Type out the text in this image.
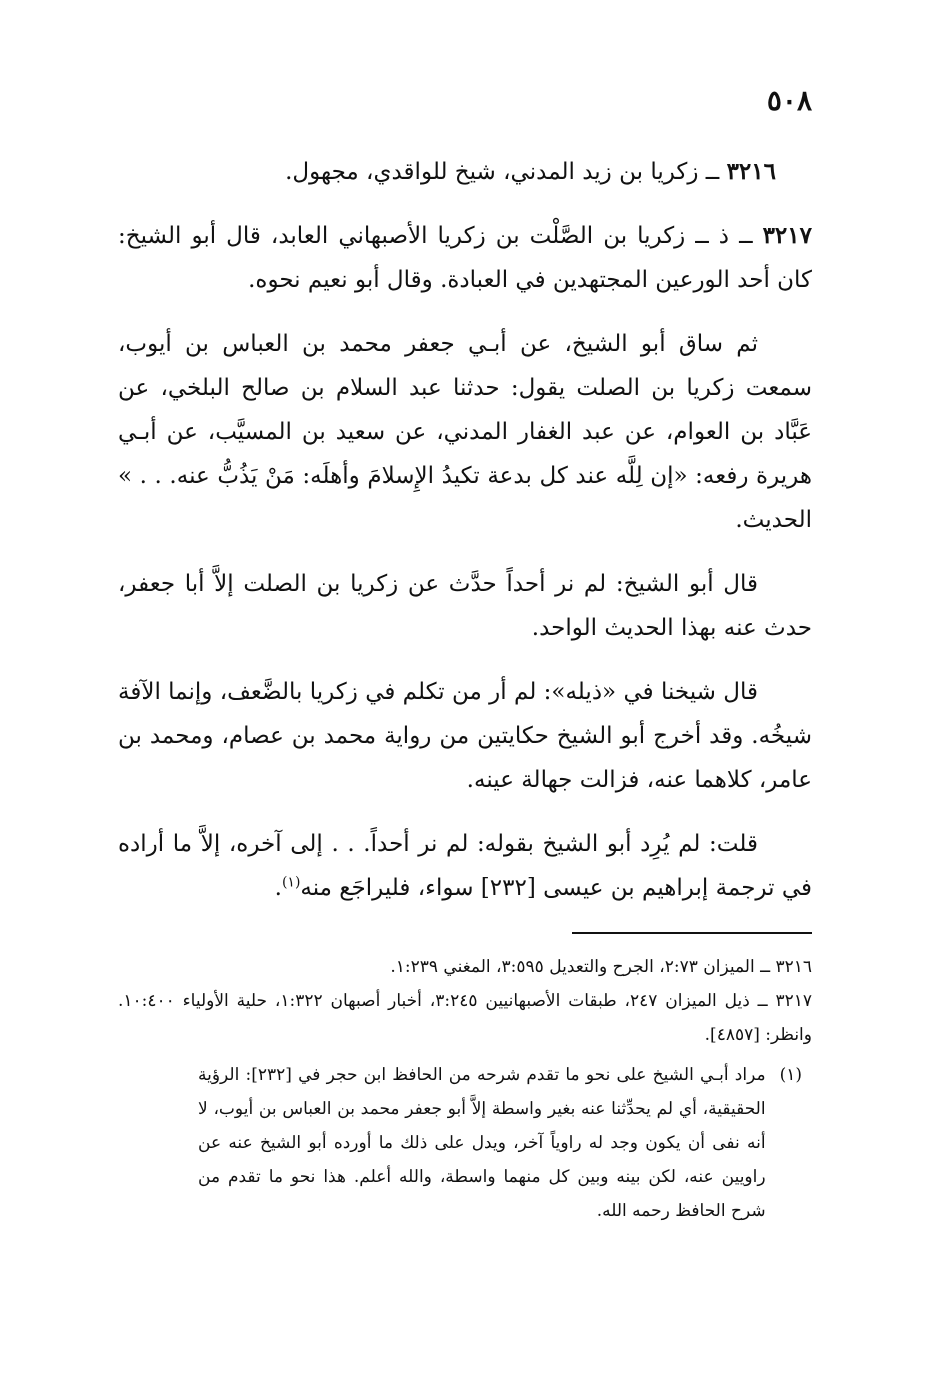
٥٠٨

٣٢١٦ ــ زكريا بن زيد المدني، شيخ للواقدي، مجهول.

٣٢١٧ ــ ذ ــ زكريا بن الصَّلْت بن زكريا الأصبهاني العابد، قال أبو الشيخ: كان أحد الورعين المجتهدين في العبادة. وقال أبو نعيم نحوه.

ثم ساق أبو الشيخ، عن أبـي جعفر محمد بن العباس بن أيوب، سمعت زكريا بن الصلت يقول: حدثنا عبد السلام بن صالح البلخي، عن عَبَّاد بن العوام، عن عبد الغفار المدني، عن سعيد بن المسيَّب، عن أبـي هريرة رفعه: «إن لِلَّه عند كل بدعة تكيدُ الإِسلامَ وأهلَه: مَنْ يَذُبُّ عنه. . . » الحديث.

قال أبو الشيخ: لم نر أحداً حدَّث عن زكريا بن الصلت إلاَّ أبا جعفر، حدث عنه بهذا الحديث الواحد.

قال شيخنا في «ذيله»: لم أر من تكلم في زكريا بالضَّعف، وإنما الآفة شيخُه. وقد أخرج أبو الشيخ حكايتين من رواية محمد بن عصام، ومحمد بن عامر، كلاهما عنه، فزالت جهالة عينه.

قلت: لم يُرِد أبو الشيخ بقوله: لم نر أحداً. . . إلى آخره، إلاَّ ما أراده في ترجمة إبراهيم بن عيسى [٢٣٢] سواء، فليراجَع منه$^{(١)}$.

٣٢١٦ ــ الميزان ٢:٧٣، الجرح والتعديل ٣:٥٩٥، المغني ١:٢٣٩.

٣٢١٧ ــ ذيل الميزان ٢٤٧، طبقات الأصبهانيين ٣:٢٤٥، أخبار أصبهان ١:٣٢٢، حلية الأولياء ١٠:٤٠٠. وانظر: [٤٨٥٧].

(١)
مراد أبـي الشيخ على نحو ما تقدم شرحه من الحافظ ابن حجر في [٢٣٢]: الرؤية الحقيقية، أي لم يحدِّثنا عنه بغير واسطة إلاَّ أبو جعفر محمد بن العباس بن أيوب، لا أنه نفى أن يكون وجد له راوياً آخر، ويدل على ذلك ما أورده أبو الشيخ عنه عن راويين عنه، لكن بينه وبين كل منهما واسطة، والله أعلم. هذا نحو ما تقدم من شرح الحافظ رحمه الله.
